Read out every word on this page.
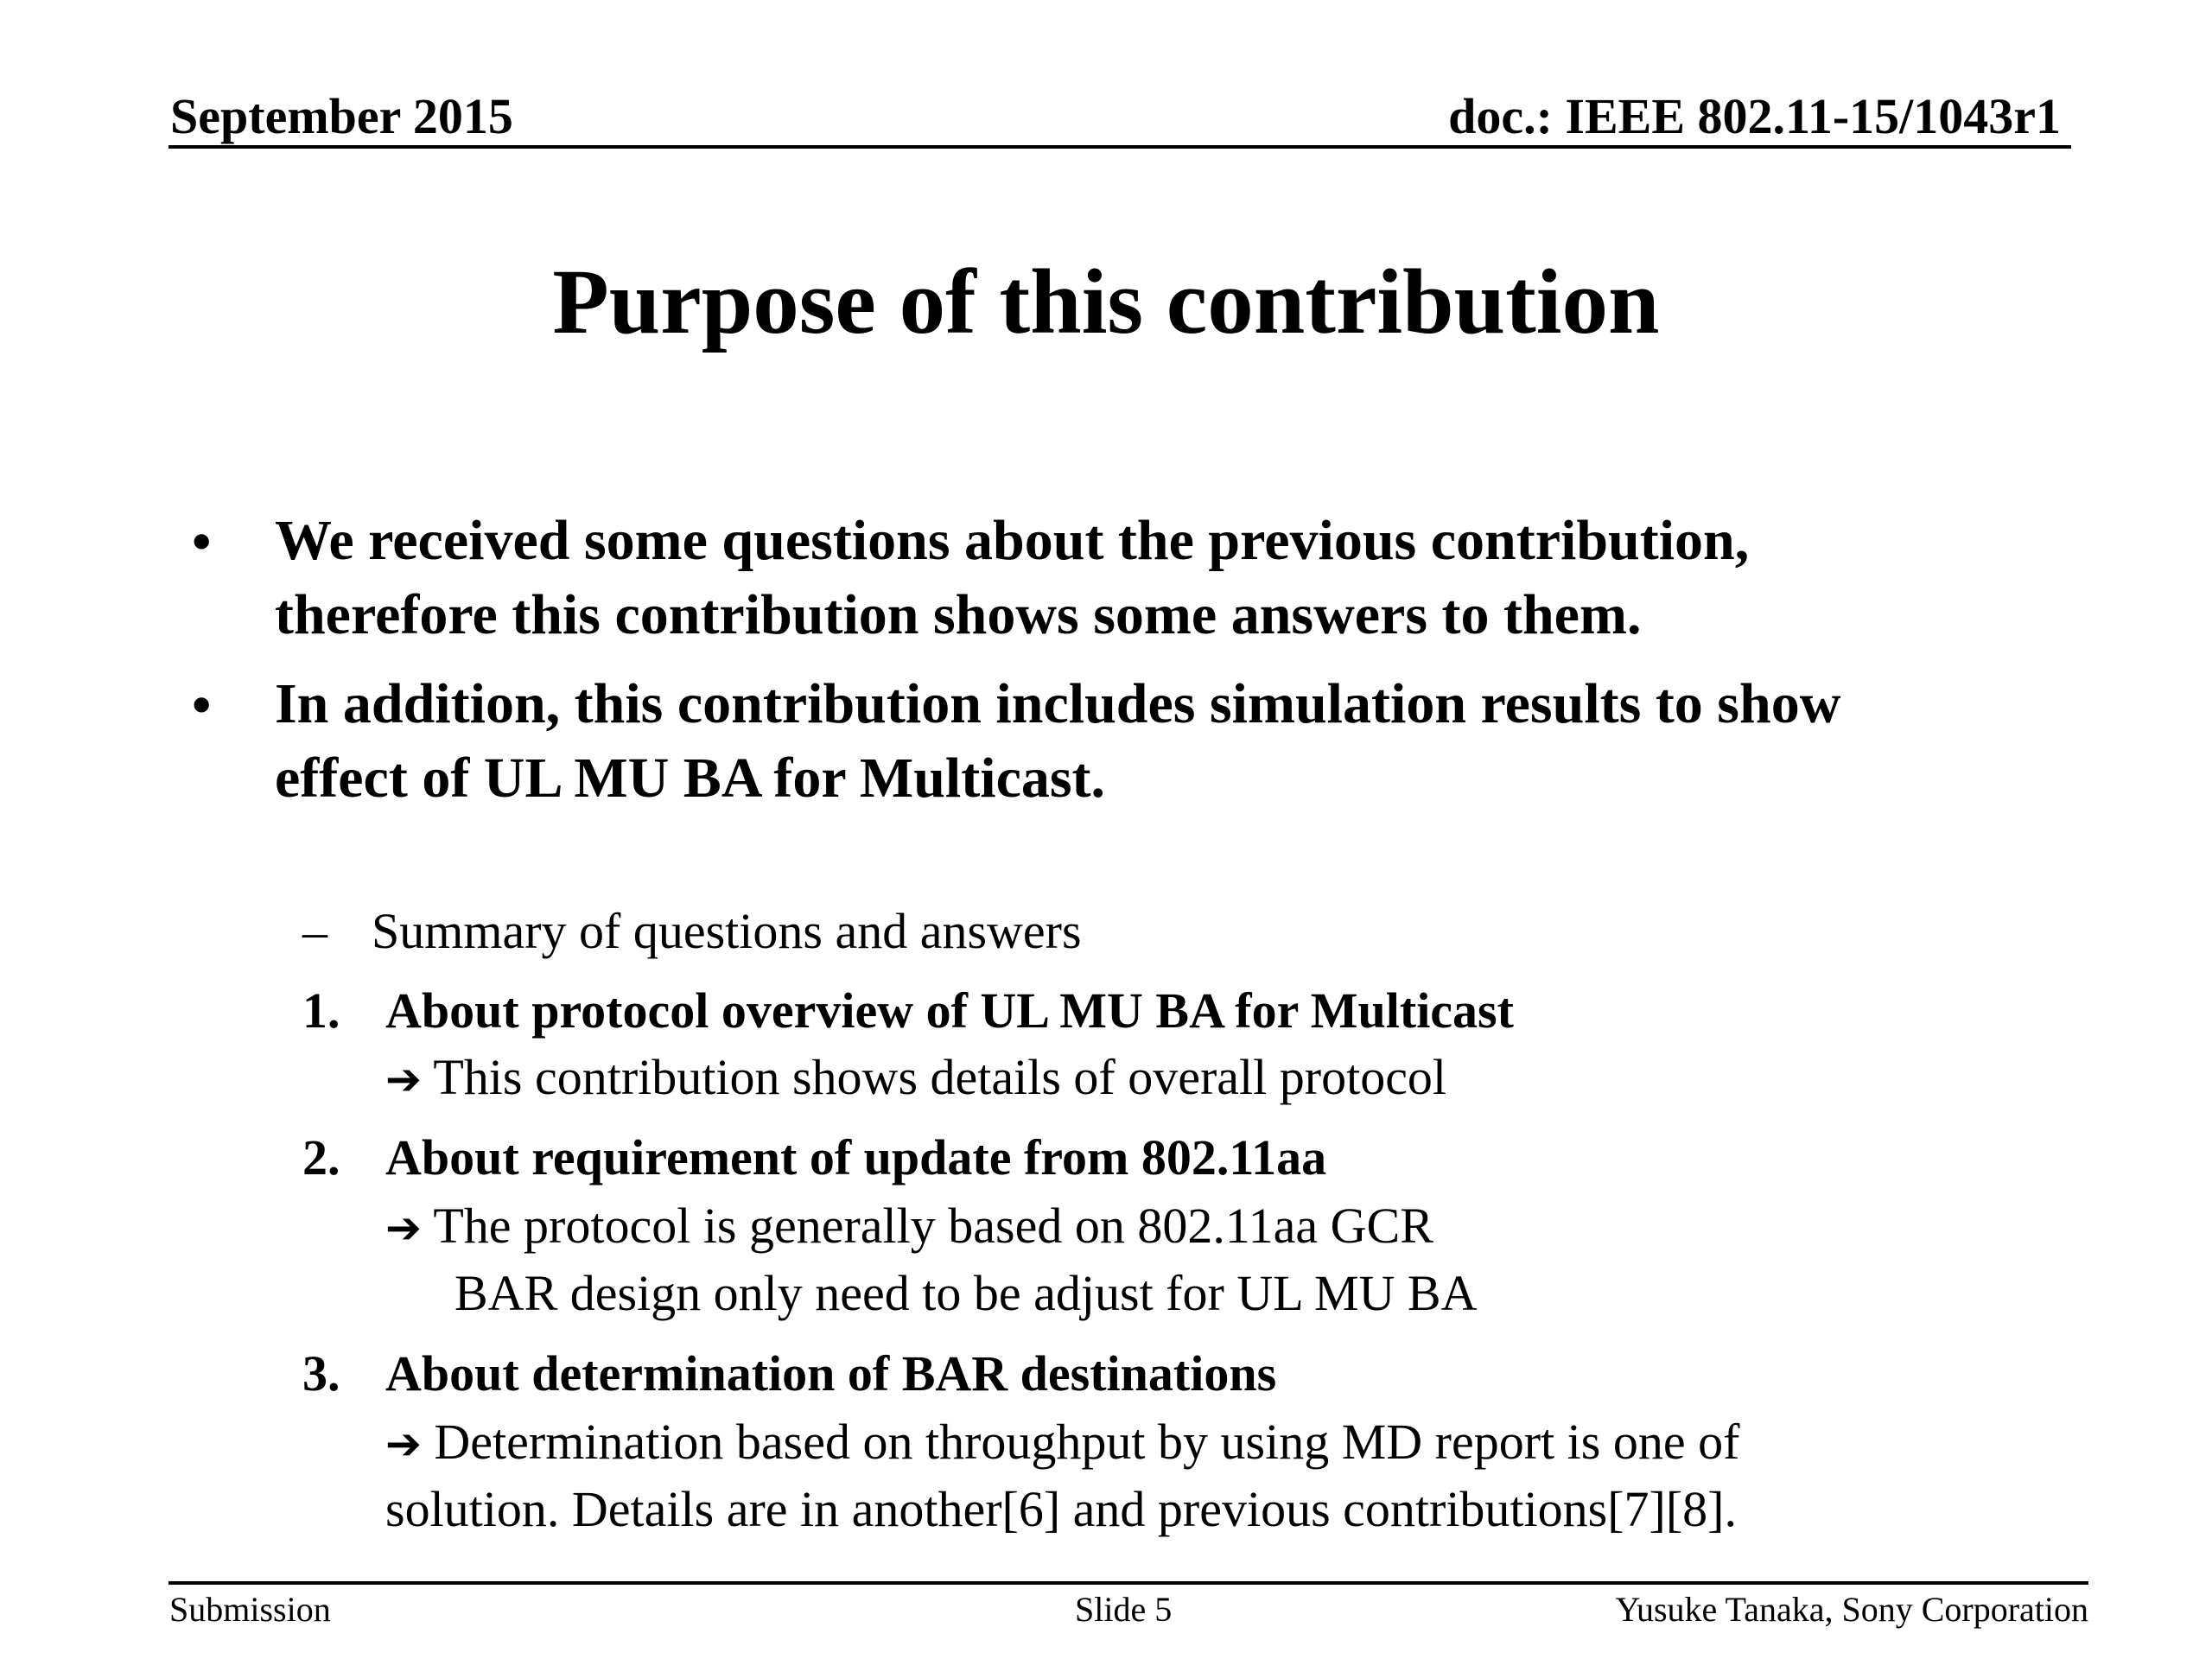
September 2015	doc.: IEEE 802.11-15/1043r1
Purpose of this contribution
• We received some questions about the previous contribution,
therefore this contribution shows some answers to them.
• In addition, this contribution includes simulation results to show
effect of UL MU BA for Multicast.
– Summary of questions and answers
1. About protocol overview of UL MU BA for Multicast
➔ This contribution shows details of overall protocol
2. About requirement of update from 802.11aa
➔ The protocol is generally based on 802.11aa GCR
BAR design only need to be adjust for UL MU BA
3. About determination of BAR destinations
➔ Determination based on throughput by using MD report is one of
solution. Details are in another[6] and previous contributions[7][8].
Submission	Slide 5	Yusuke Tanaka, Sony Corporation
